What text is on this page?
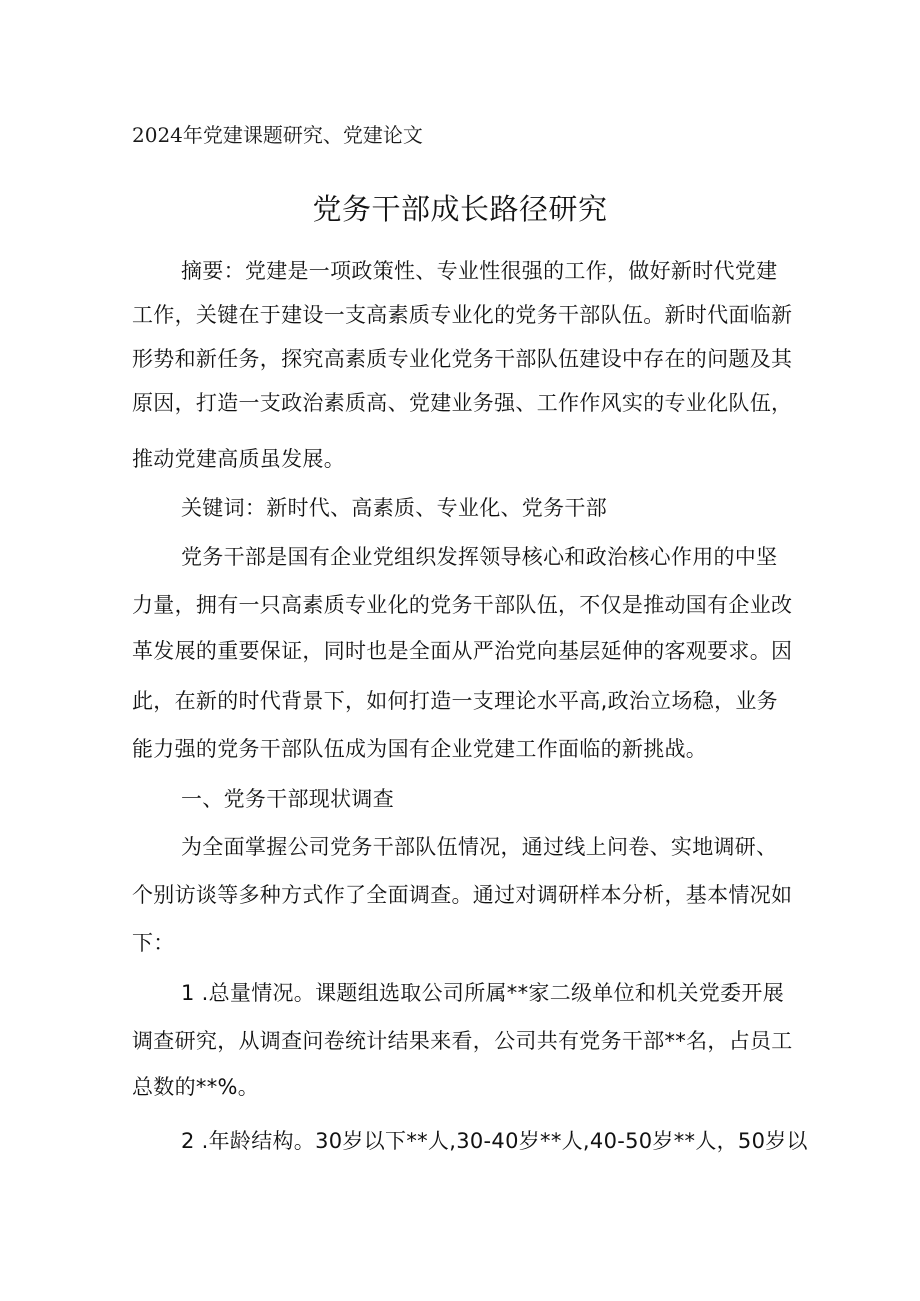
2024年党建课题研究、党建论文
党务干部成长路径研究
摘要：党建是一项政策性、专业性很强的工作，做好新时代党建
工作，关键在于建设一支高素质专业化的党务干部队伍。新时代面临新
形势和新任务，探究高素质专业化党务干部队伍建设中存在的问题及其
原因，打造一支政治素质高、党建业务强、工作作风实的专业化队伍，
推动党建高质虽发展。
关键词：新时代、高素质、专业化、党务干部
党务干部是国有企业党组织发挥领导核心和政治核心作用的中坚
力量，拥有一只高素质专业化的党务干部队伍，不仅是推动国有企业改
革发展的重要保证，同时也是全面从严治党向基层延伸的客观要求。因
此，在新的时代背景下，如何打造一支理论水平高,政治立场稳，业务
能力强的党务干部队伍成为国有企业党建工作面临的新挑战。
一、党务干部现状调查
为全面掌握公司党务干部队伍情况，通过线上问卷、实地调研、
个别访谈等多种方式作了全面调查。通过对调研样本分析，基本情况如
下：
1 .总量情况。课题组选取公司所属**家二级单位和机关党委开展
调查研究，从调查问卷统计结果来看，公司共有党务干部**名，占员工
总数的**%。
2 .年龄结构。30岁以下**人,30-40岁**人,40-50岁**人，50岁以
